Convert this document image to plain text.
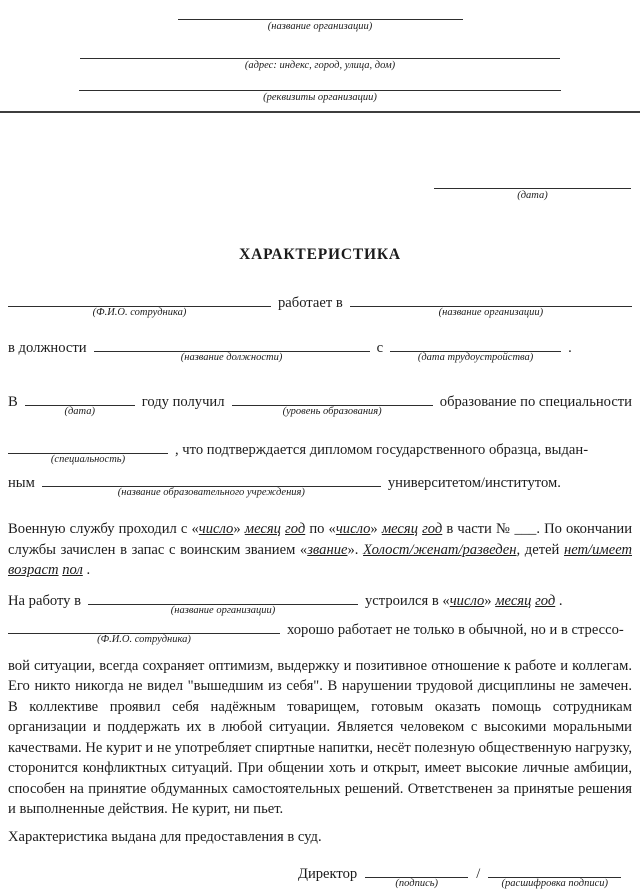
(название организации)
(адрес: индекс, город, улица, дом)
(реквизиты организации)
(дата)
ХАРАКТЕРИСТИКА
(Ф.И.О. сотрудника)
работает в
(название организации)
в должности
(название должности)
с
(дата трудоустройства)
.
В
(дата)
году получил
(уровень образования)
образование по специальности
(специальность)
, что подтверждается дипломом государственного образца, выдан-
ным
(название образовательного учреждения)
университетом/институтом.

Военную службу проходил с «число» месяц год по «число» месяц год в части № ___. По окончании службы зачислен в запас с воинским званием «звание». Холост/женат/разведен, детей нет/имеет возраст пол .

На работу в
(название организации)
устроился в «число» месяц год .
(Ф.И.О. сотрудника)
хорошо работает не только в обычной, но и в стрессо-

вой ситуации, всегда сохраняет оптимизм, выдержку и позитивное отношение к работе и коллегам. Его никто никогда не видел "вышедшим из себя". В нарушении трудовой дисциплины не замечен. В коллективе проявил себя надёжным товарищем, готовым оказать помощь сотрудникам организации и поддержать их в любой ситуации. Является человеком с высокими моральными качествами. Не курит и не употребляет спиртные напитки, несёт полезную общественную нагрузку, сторонится конфликтных ситуаций. При общении хоть и открыт, имеет высокие личные амбиции, способен на принятие обдуманных самостоятельных решений. Ответственен за принятые решения и выполненные действия. Не курит, ни пьет.

Характеристика выдана для предоставления в суд.

Директор
(подпись)
/
(расшифровка подписи)
